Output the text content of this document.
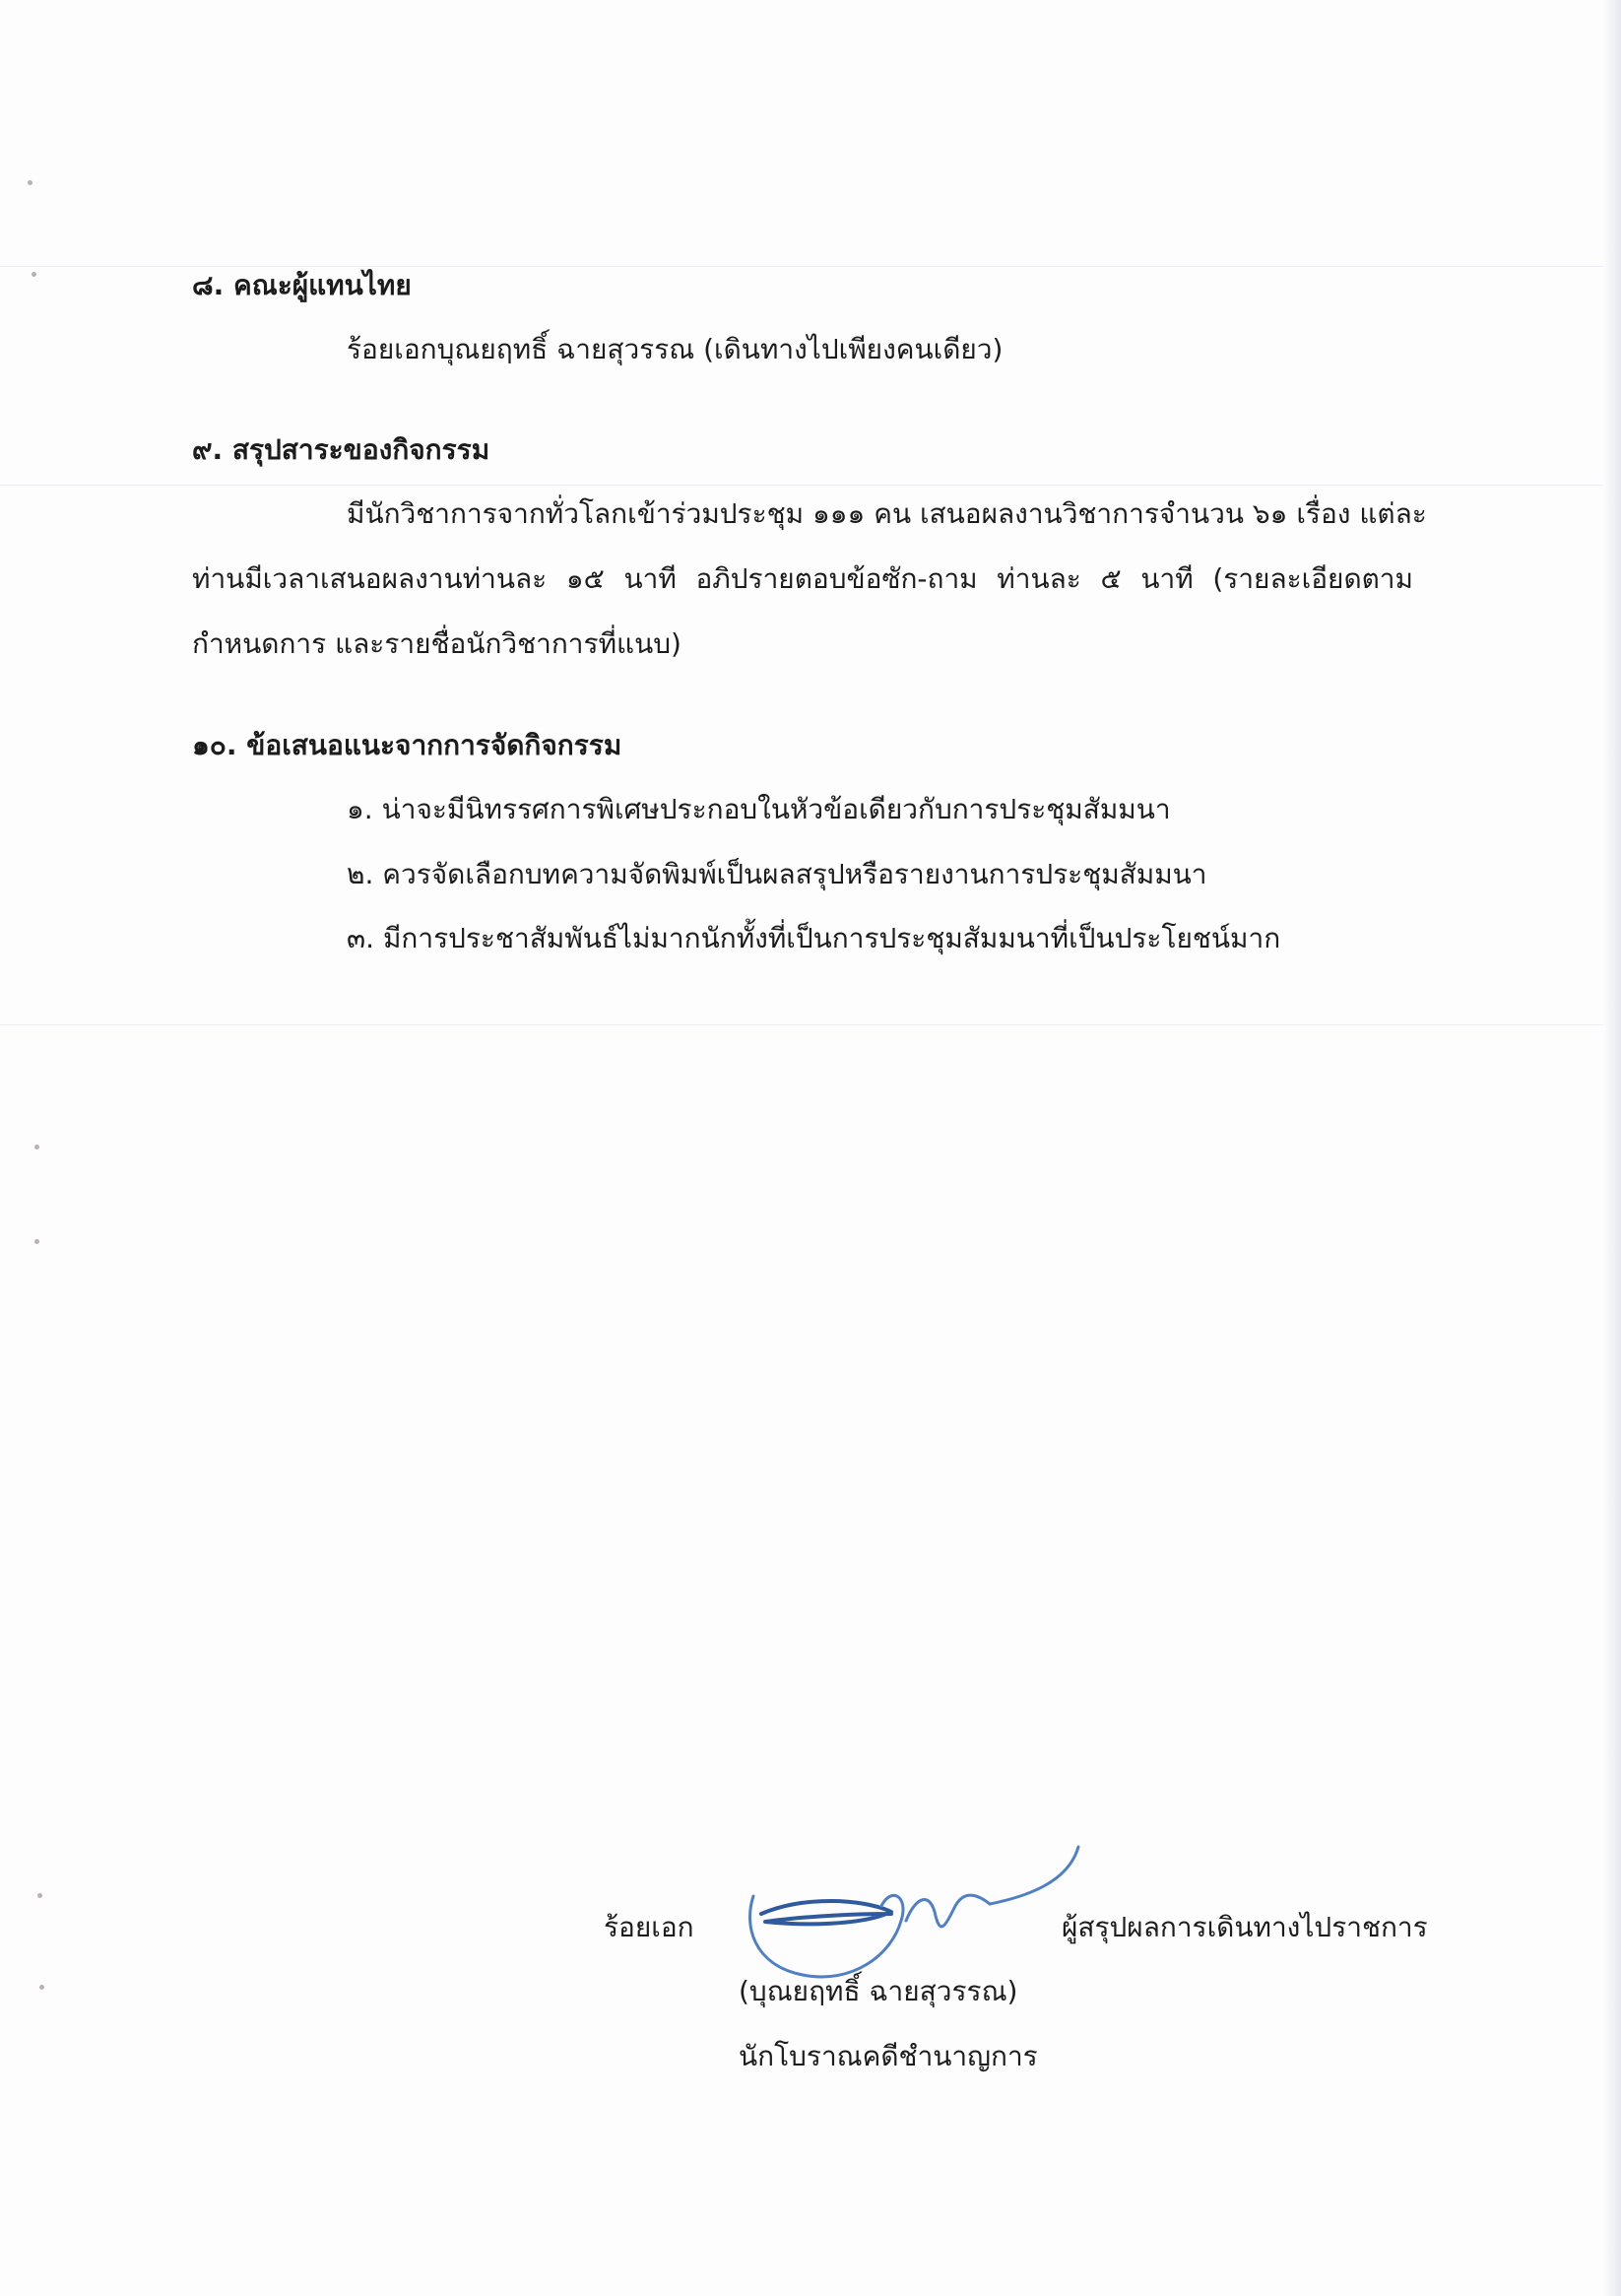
๘. คณะผู้แทนไทย
ร้อยเอกบุณยฤทธิ์ ฉายสุวรรณ (เดินทางไปเพียงคนเดียว)
๙. สรุปสาระของกิจกรรม
มีนักวิชาการจากทั่วโลกเข้าร่วมประชุม ๑๑๑ คน เสนอผลงานวิชาการจำนวน ๖๑ เรื่อง แต่ละ
ท่านมีเวลาเสนอผลงานท่านละ ๑๕ นาที อภิปรายตอบข้อซัก-ถาม ท่านละ ๕ นาที (รายละเอียดตาม
กำหนดการ และรายชื่อนักวิชาการที่แนบ)
๑๐. ข้อเสนอแนะจากการจัดกิจกรรม
๑. น่าจะมีนิทรรศการพิเศษประกอบในหัวข้อเดียวกับการประชุมสัมมนา
๒. ควรจัดเลือกบทความจัดพิมพ์เป็นผลสรุปหรือรายงานการประชุมสัมมนา
๓. มีการประชาสัมพันธ์ไม่มากนักทั้งที่เป็นการประชุมสัมมนาที่เป็นประโยชน์มาก
ร้อยเอก	ผู้สรุปผลการเดินทางไปราชการ
(บุณยฤทธิ์ ฉายสุวรรณ)
นักโบราณคดีชำนาญการ
